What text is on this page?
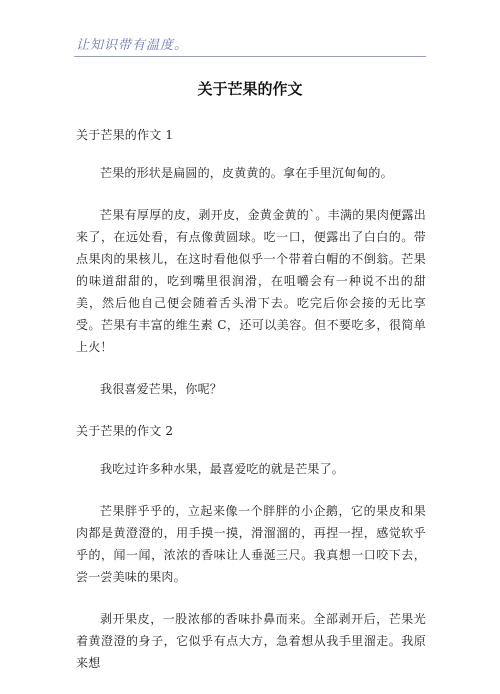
让知识带有温度。
关于芒果的作文

关于芒果的作文 1

芒果的形状是扁圆的，皮黄黄的。拿在手里沉甸甸的。

芒果有厚厚的皮，剥开皮，金黄金黄的`。丰满的果肉便露出来了，在远处看，有点像黄圆球。吃一口，便露出了白白的。带点果肉的果核儿，在这时看他似乎一个带着白帽的不倒翁。芒果的味道甜甜的，吃到嘴里很润滑，在咀嚼会有一种说不出的甜美，然后他自己便会随着舌头滑下去。吃完后你会接的无比享受。芒果有丰富的维生素 C，还可以美容。但不要吃多，很简单上火！

我很喜爱芒果，你呢？

关于芒果的作文 2

我吃过许多种水果，最喜爱吃的就是芒果了。

芒果胖乎乎的，立起来像一个胖胖的小企鹅，它的果皮和果肉都是黄澄澄的，用手摸一摸，滑溜溜的，再捏一捏，感觉软乎乎的，闻一闻，浓浓的香味让人垂涎三尺。我真想一口咬下去，尝一尝美味的果肉。

剥开果皮，一股浓郁的香味扑鼻而来。全部剥开后，芒果光着黄澄澄的身子，它似乎有点大方，急着想从我手里溜走。我原来想
